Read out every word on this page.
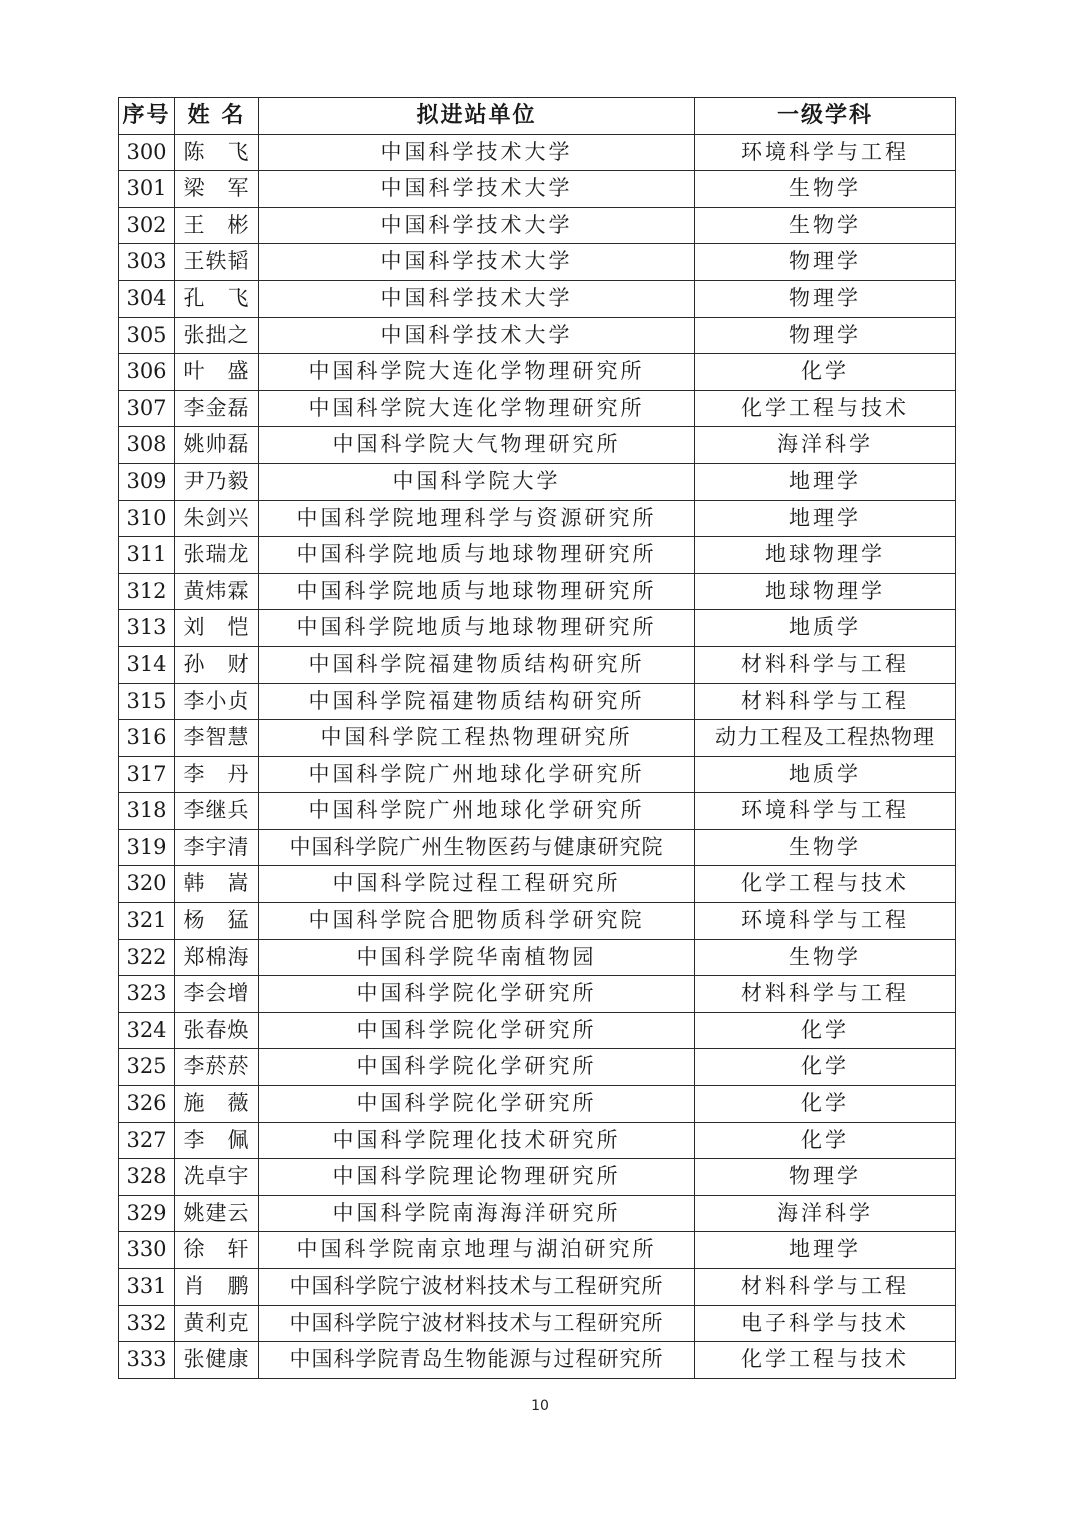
序号	姓 名	拟进站单位	一级学科
300	陈　飞	中国科学技术大学	环境科学与工程
301	梁　军	中国科学技术大学	生物学
302	王　彬	中国科学技术大学	生物学
303	王轶韬	中国科学技术大学	物理学
304	孔　飞	中国科学技术大学	物理学
305	张拙之	中国科学技术大学	物理学
306	叶　盛	中国科学院大连化学物理研究所	化学
307	李金磊	中国科学院大连化学物理研究所	化学工程与技术
308	姚帅磊	中国科学院大气物理研究所	海洋科学
309	尹乃毅	中国科学院大学	地理学
310	朱剑兴	中国科学院地理科学与资源研究所	地理学
311	张瑞龙	中国科学院地质与地球物理研究所	地球物理学
312	黄炜霖	中国科学院地质与地球物理研究所	地球物理学
313	刘　恺	中国科学院地质与地球物理研究所	地质学
314	孙　财	中国科学院福建物质结构研究所	材料科学与工程
315	李小贞	中国科学院福建物质结构研究所	材料科学与工程
316	李智慧	中国科学院工程热物理研究所	动力工程及工程热物理
317	李　丹	中国科学院广州地球化学研究所	地质学
318	李继兵	中国科学院广州地球化学研究所	环境科学与工程
319	李宇清	中国科学院广州生物医药与健康研究院	生物学
320	韩　嵩	中国科学院过程工程研究所	化学工程与技术
321	杨　猛	中国科学院合肥物质科学研究院	环境科学与工程
322	郑棉海	中国科学院华南植物园	生物学
323	李会增	中国科学院化学研究所	材料科学与工程
324	张春焕	中国科学院化学研究所	化学
325	李菸菸	中国科学院化学研究所	化学
326	施　薇	中国科学院化学研究所	化学
327	李　佩	中国科学院理化技术研究所	化学
328	冼卓宇	中国科学院理论物理研究所	物理学
329	姚建云	中国科学院南海海洋研究所	海洋科学
330	徐　轩	中国科学院南京地理与湖泊研究所	地理学
331	肖　鹏	中国科学院宁波材料技术与工程研究所	材料科学与工程
332	黄利克	中国科学院宁波材料技术与工程研究所	电子科学与技术
333	张健康	中国科学院青岛生物能源与过程研究所	化学工程与技术
10
